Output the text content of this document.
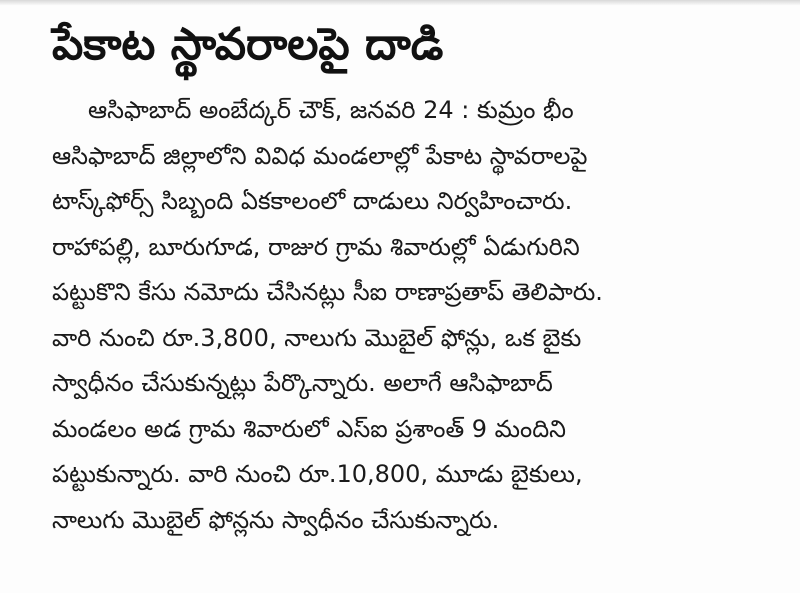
పేకాట స్థావరాలపై దాడి
ఆసిఫాబాద్ అంబేద్కర్ చౌక్, జనవరి 24 : కుమ్రం భీం
ఆసిఫాబాద్ జిల్లాలోని వివిధ మండలాల్లో పేకాట స్థావరాలపై
టాస్క్‌ఫోర్స్ సిబ్బంది ఏకకాలంలో దాడులు నిర్వహించారు.
రాహాపల్లి, బూరుగూడ, రాజుర గ్రామ శివారుల్లో ఏడుగురిని
పట్టుకొని కేసు నమోదు చేసినట్లు సీఐ రాణాప్రతాప్ తెలిపారు.
వారి నుంచి రూ.3,800, నాలుగు మొబైల్ ఫోన్లు, ఒక బైకు
స్వాధీనం చేసుకున్నట్లు పేర్కొన్నారు. అలాగే ఆసిఫాబాద్
మండలం అడ గ్రామ శివారులో ఎస్ఐ ప్రశాంత్ 9 మందిని
పట్టుకున్నారు. వారి నుంచి రూ.10,800, మూడు బైకులు,
నాలుగు మొబైల్ ఫోన్లను స్వాధీనం చేసుకున్నారు.
